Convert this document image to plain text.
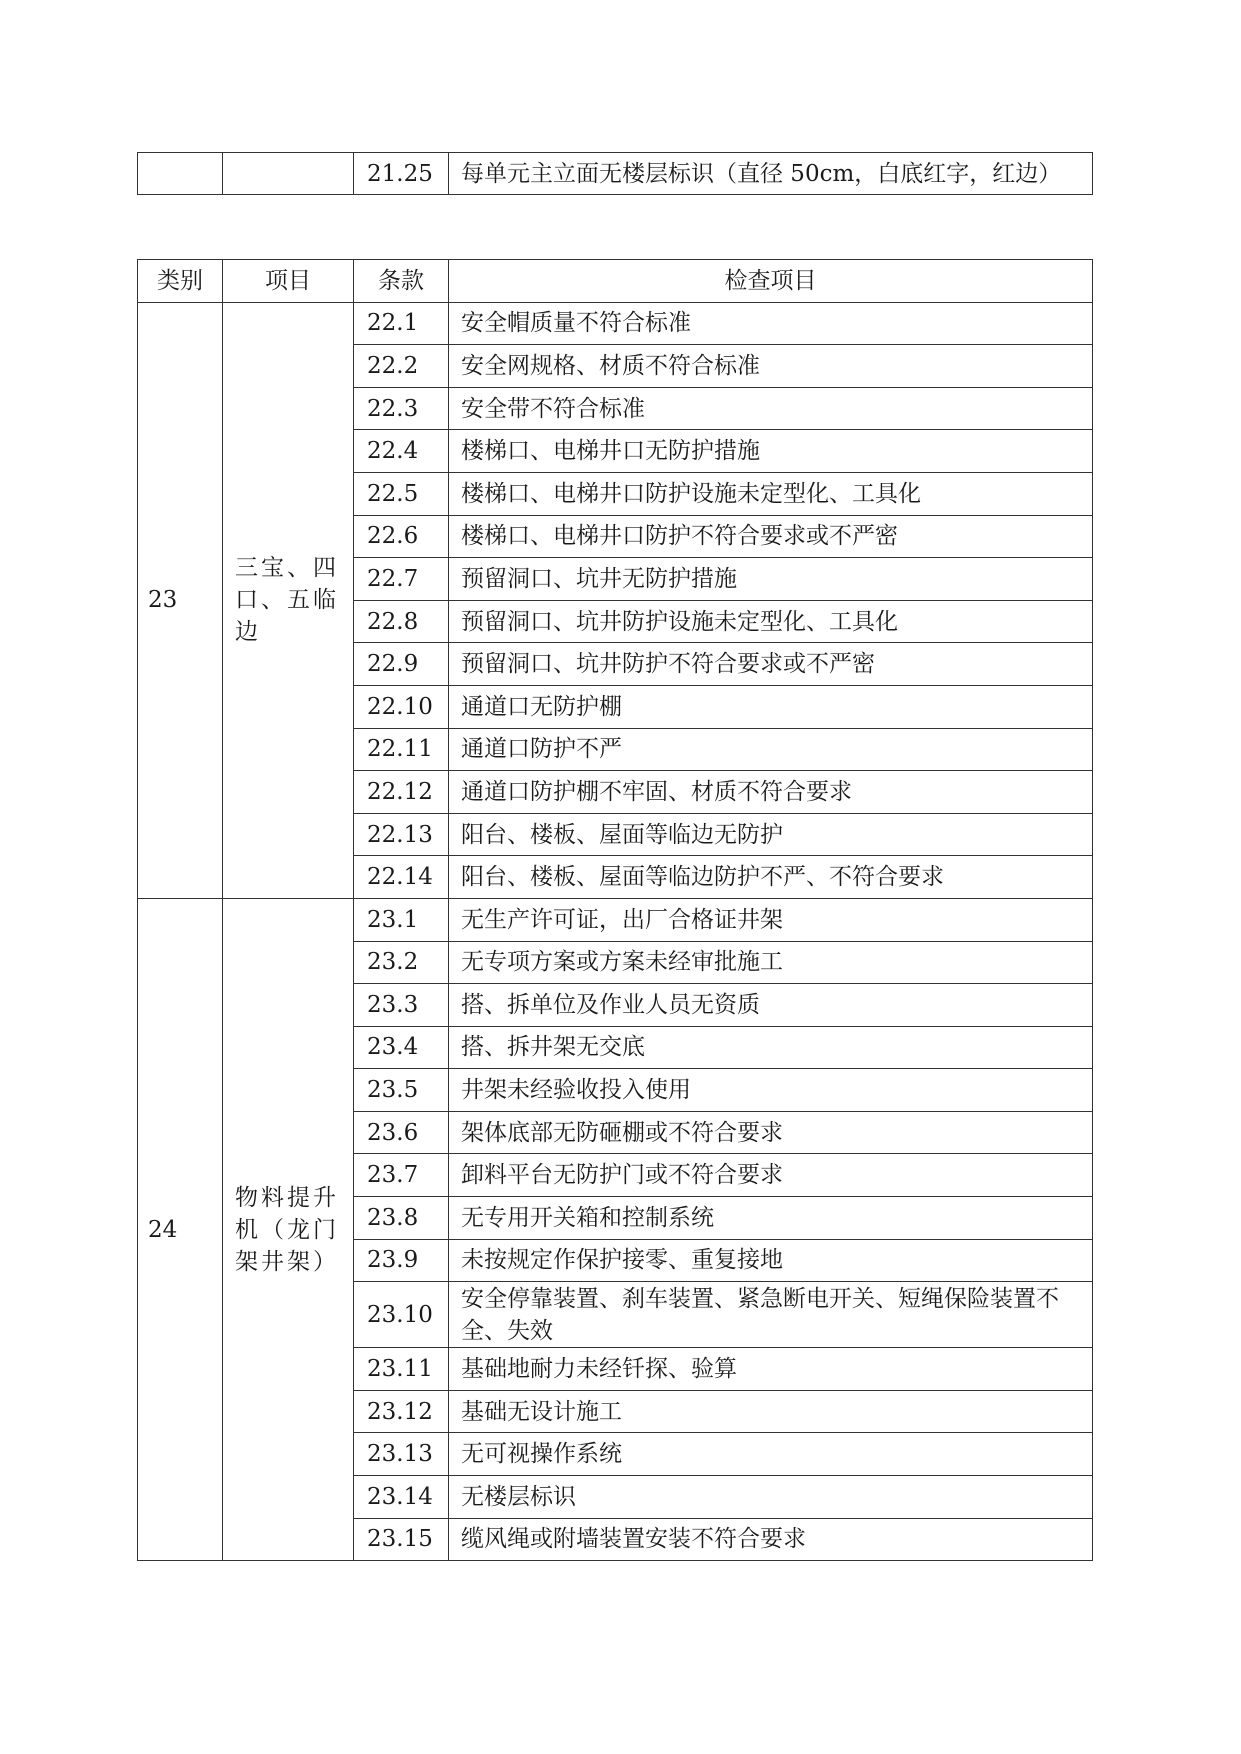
		21.25	每单元主立面无楼层标识（直径 50cm，白底红字，红边）
类别	项目	条款	检查项目
23	三宝、四口、五临边	22.1	安全帽质量不符合标准
		22.2	安全网规格、材质不符合标准
		22.3	安全带不符合标准
		22.4	楼梯口、电梯井口无防护措施
		22.5	楼梯口、电梯井口防护设施未定型化、工具化
		22.6	楼梯口、电梯井口防护不符合要求或不严密
		22.7	预留洞口、坑井无防护措施
		22.8	预留洞口、坑井防护设施未定型化、工具化
		22.9	预留洞口、坑井防护不符合要求或不严密
		22.10	通道口无防护棚
		22.11	通道口防护不严
		22.12	通道口防护棚不牢固、材质不符合要求
		22.13	阳台、楼板、屋面等临边无防护
		22.14	阳台、楼板、屋面等临边防护不严、不符合要求
24	物料提升机（龙门架井架）	23.1	无生产许可证，出厂合格证井架
		23.2	无专项方案或方案未经审批施工
		23.3	搭、拆单位及作业人员无资质
		23.4	搭、拆井架无交底
		23.5	井架未经验收投入使用
		23.6	架体底部无防砸棚或不符合要求
		23.7	卸料平台无防护门或不符合要求
		23.8	无专用开关箱和控制系统
		23.9	未按规定作保护接零、重复接地
		23.10	安全停靠装置、刹车装置、紧急断电开关、短绳保险装置不全、失效
		23.11	基础地耐力未经钎探、验算
		23.12	基础无设计施工
		23.13	无可视操作系统
		23.14	无楼层标识
		23.15	缆风绳或附墙装置安装不符合要求
